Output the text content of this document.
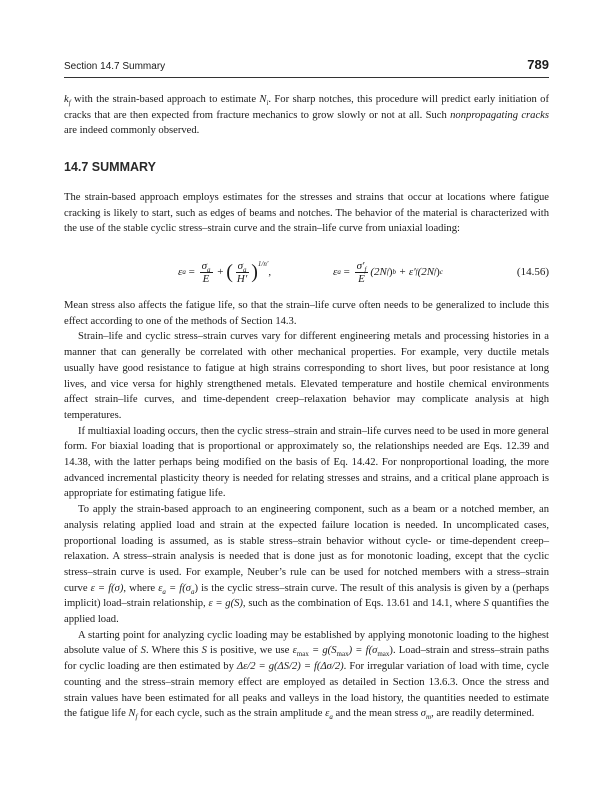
Section 14.7 Summary	789

$k_f$ with the strain-based approach to estimate $N_i$. For sharp notches, this procedure will predict early initiation of cracks that are then expected from fracture mechanics to grow slowly or not at all. Such nonpropagating cracks are indeed commonly observed.

14.7 SUMMARY

The strain-based approach employs estimates for the stresses and strains that occur at locations where fatigue cracking is likely to start, such as edges of beams and notches. The behavior of the material is characterized with the use of the stable cyclic stress–strain curve and the strain–life curve from uniaxial loading:

ε $a = \frac{\sigma_a}{E}$ + ( $\frac{\sigma_a}{H'}$ ) $^{1/n'}$
,	ε $a = \frac{\sigma'_f}{E} (2N$ f ) b + ε′ f (2N f ) c	(14.56)

Mean stress also affects the fatigue life, so that the strain–life curve often needs to be generalized to include this effect according to one of the methods of Section 14.3.

Strain–life and cyclic stress–strain curves vary for different engineering metals and processing histories in a manner that can generally be correlated with other mechanical properties. For example, very ductile metals usually have good resistance to fatigue at high strains corresponding to short lives, but poor resistance at long lives, and vice versa for highly strengthened metals. Elevated temperature and hostile chemical environments affect strain–life curves, and time-dependent creep–relaxation behavior may complicate analysis at high temperatures.

If multiaxial loading occurs, then the cyclic stress–strain and strain–life curves need to be used in more general form. For biaxial loading that is proportional or approximately so, the relationships needed are Eqs. 12.39 and 14.38, with the latter perhaps being modified on the basis of Eq. 14.42. For nonproportional loading, the more advanced incremental plasticity theory is needed for relating stresses and strains, and a critical plane approach is appropriate for estimating fatigue life.

To apply the strain-based approach to an engineering component, such as a beam or a notched member, an analysis relating applied load and strain at the expected failure location is needed. In uncomplicated cases, proportional loading is assumed, as is stable stress–strain behavior without cycle- or time-dependent creep–relaxation. A stress–strain analysis is needed that is done just as for monotonic loading, except that the cyclic stress–strain curve is used. For example, Neuber’s rule can be used for notched members with a stress–strain curve ε = f(σ), where $\varepsilon_a = f(\sigma_a)$ is the cyclic stress–strain curve. The result of this analysis is given by a (perhaps implicit) load–strain relationship, ε = g(S), such as the combination of Eqs. 13.61 and 14.1, where S quantifies the applied load.

A starting point for analyzing cyclic loading may be established by applying monotonic loading to the highest absolute value of S. Where this S is positive, we use $\varepsilon_{max} = g(S_{max}) = f(\sigma_{max})$. Load–strain and stress–strain paths for cyclic loading are then estimated by Δε/2 = g(ΔS/2) = f(Δσ/2). For irregular variation of load with time, cycle counting and the stress–strain memory effect are employed as detailed in Section 13.6.3. Once the stress and strain values have been estimated for all peaks and valleys in the load history, the quantities needed to estimate the fatigue life $N_f$ for each cycle, such as the strain amplitude $\varepsilon_a$ and the mean stress $\sigma_m$, are readily determined.
